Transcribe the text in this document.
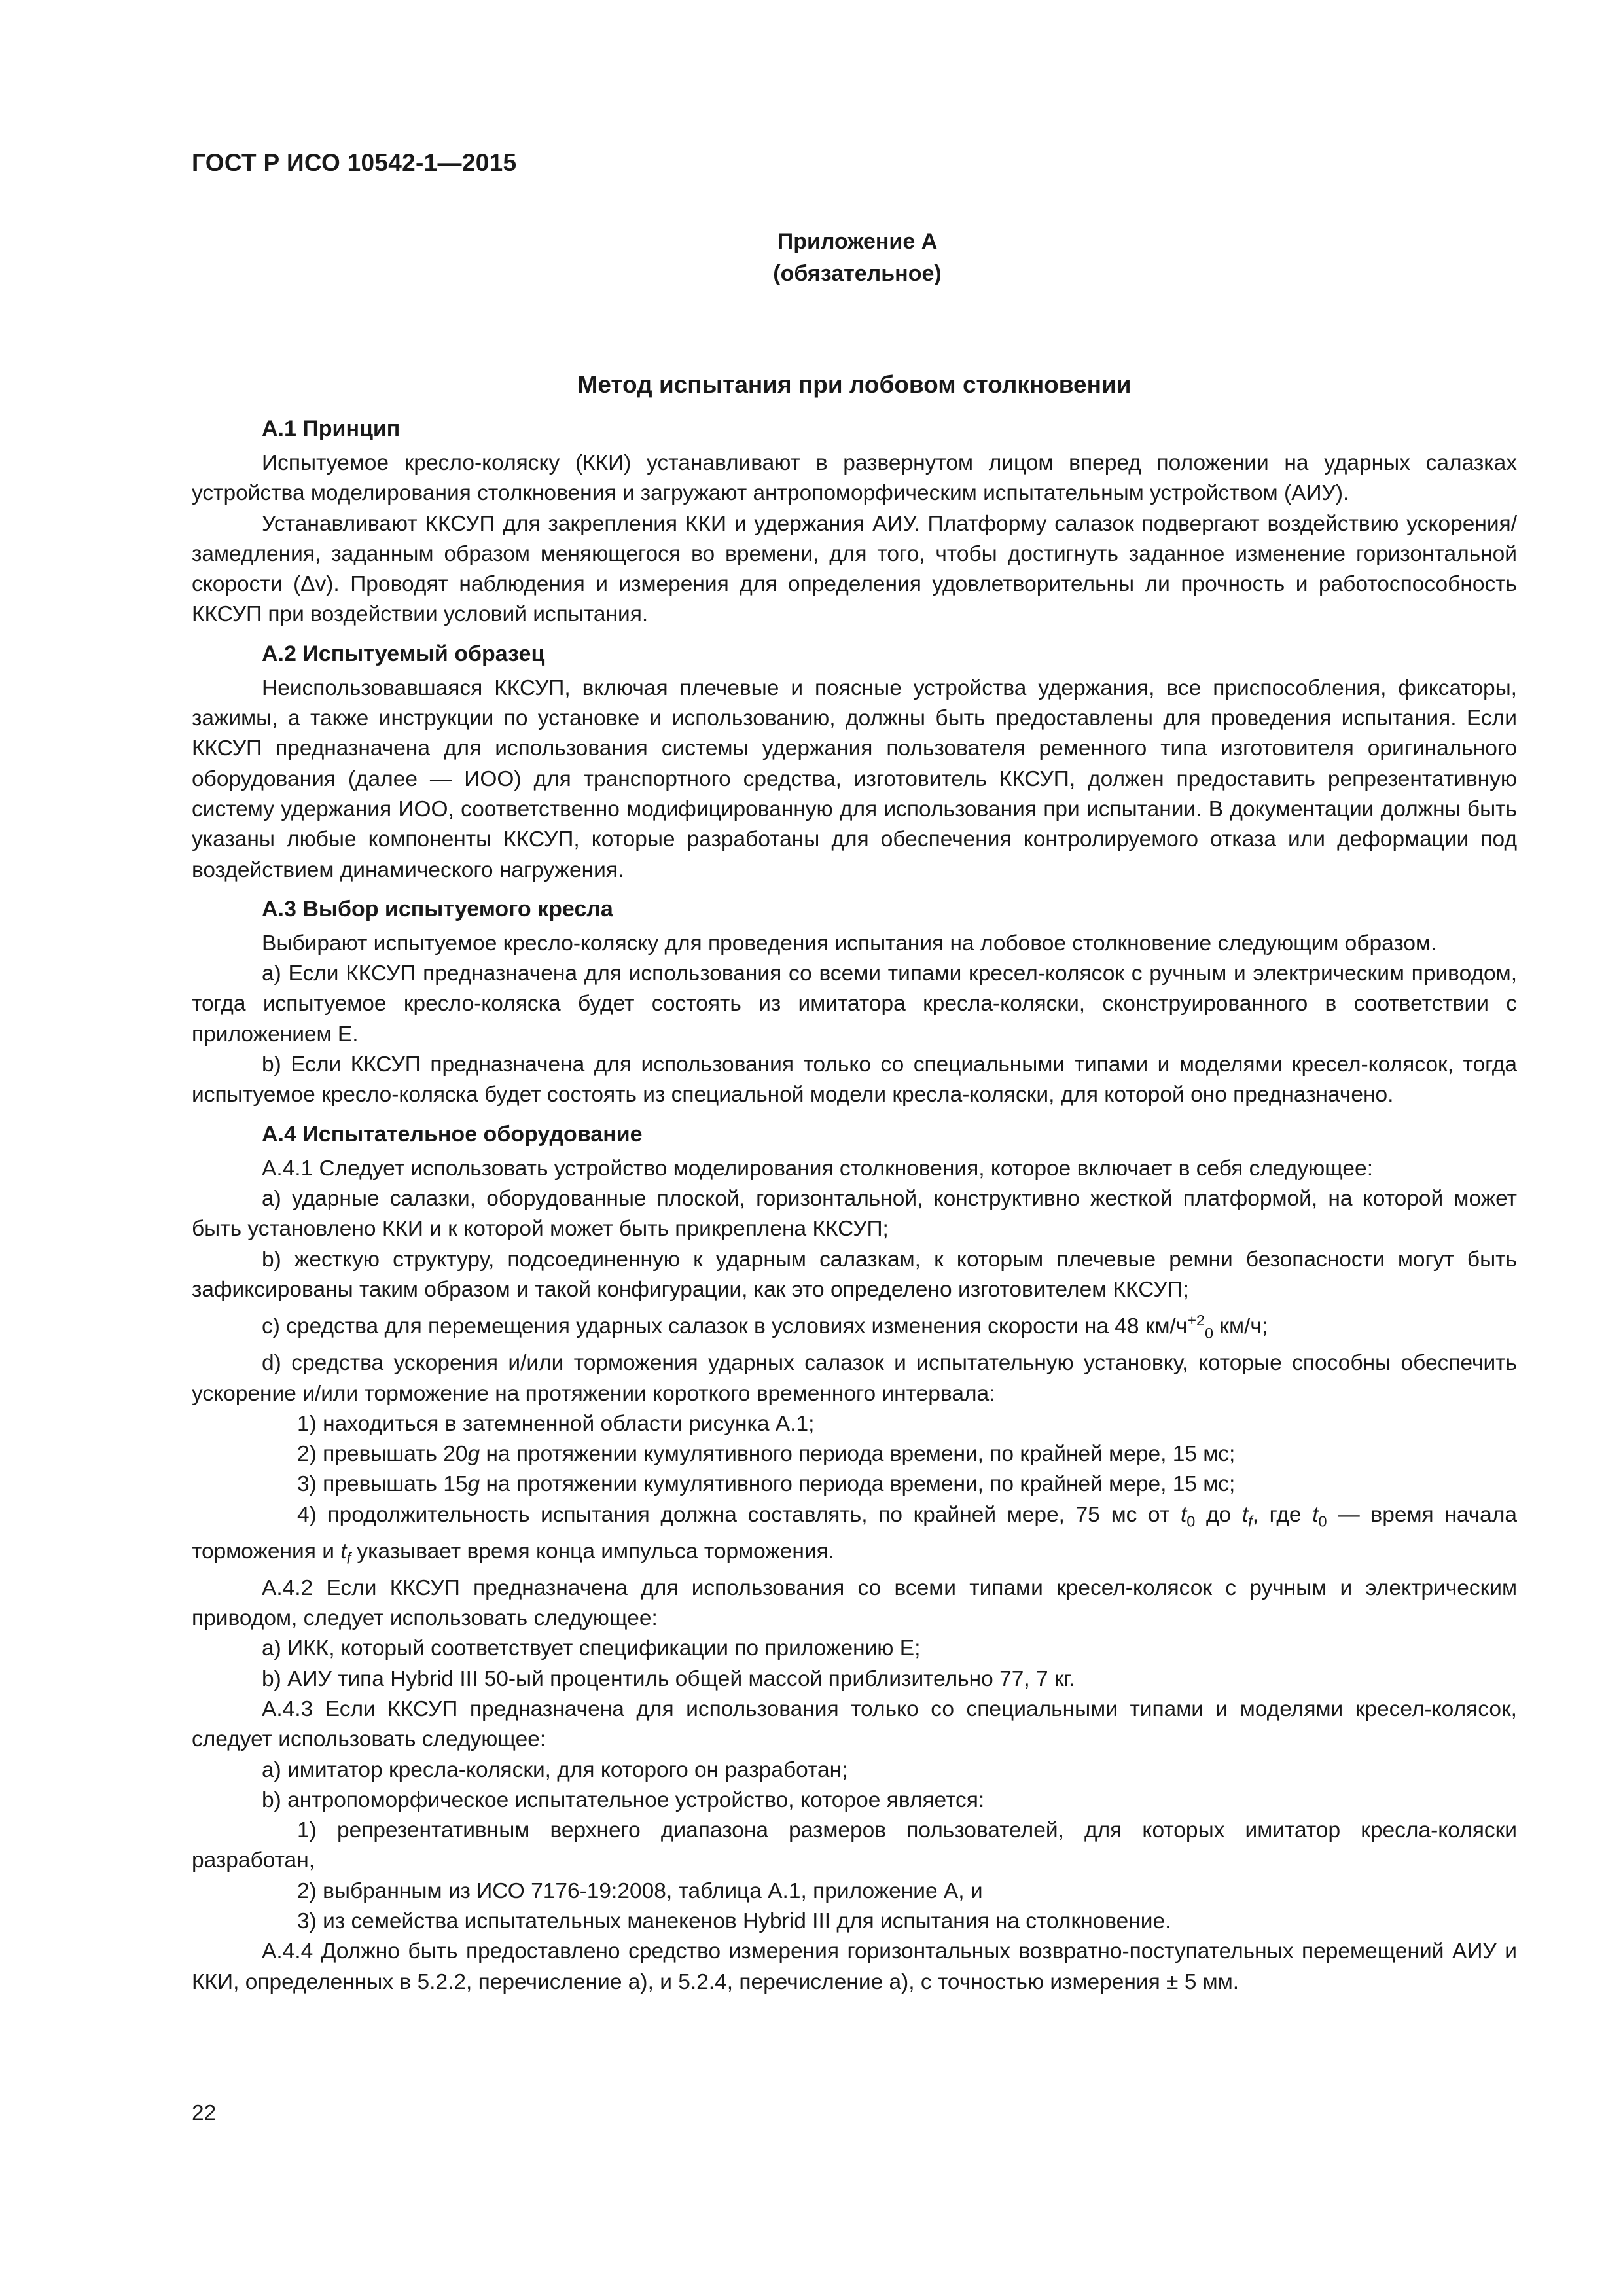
ГОСТ Р ИСО 10542-1—2015
Приложение А
(обязательное)
Метод испытания при лобовом столкновении
А.1 Принцип

Испытуемое кресло-коляску (ККИ) устанавливают в развернутом лицом вперед положении на ударных салазках устройства моделирования столкновения и загружают антропоморфическим испытательным устройством (АИУ).

Устанавливают ККСУП для закрепления ККИ и удержания АИУ. Платформу салазок подвергают воздействию ускорения/замедления, заданным образом меняющегося во времени, для того, чтобы достигнуть заданное изменение горизонтальной скорости (Δv). Проводят наблюдения и измерения для определения удовлетворительны ли прочность и работоспособность ККСУП при воздействии условий испытания.

А.2 Испытуемый образец

Неиспользовавшаяся ККСУП, включая плечевые и поясные устройства удержания, все приспособления, фиксаторы, зажимы, а также инструкции по установке и использованию, должны быть предоставлены для проведения испытания. Если ККСУП предназначена для использования системы удержания пользователя ременного типа изготовителя оригинального оборудования (далее — ИОО) для транспортного средства, изготовитель ККСУП, должен предоставить репрезентативную систему удержания ИОО, соответственно модифицированную для использования при испытании. В документации должны быть указаны любые компоненты ККСУП, которые разработаны для обеспечения контролируемого отказа или деформации под воздействием динамического нагружения.

А.3 Выбор испытуемого кресла

Выбирают испытуемое кресло-коляску для проведения испытания на лобовое столкновение следующим образом.

a) Если ККСУП предназначена для использования со всеми типами кресел-колясок с ручным и электрическим приводом, тогда испытуемое кресло-коляска будет состоять из имитатора кресла-коляски, сконструированного в соответствии с приложением Е.

b) Если ККСУП предназначена для использования только со специальными типами и моделями кресел-колясок, тогда испытуемое кресло-коляска будет состоять из специальной модели кресла-коляски, для которой оно предназначено.

А.4 Испытательное оборудование

А.4.1 Следует использовать устройство моделирования столкновения, которое включает в себя следующее:

a) ударные салазки, оборудованные плоской, горизонтальной, конструктивно жесткой платформой, на которой может быть установлено ККИ и к которой может быть прикреплена ККСУП;

b) жесткую структуру, подсоединенную к ударным салазкам, к которым плечевые ремни безопасности могут быть зафиксированы таким образом и такой конфигурации, как это определено изготовителем ККСУП;

c) средства для перемещения ударных салазок в условиях изменения скорости на 48 $км/ч^{+2}_0$ км/ч;

d) средства ускорения и/или торможения ударных салазок и испытательную установку, которые способны обеспечить ускорение и/или торможение на протяжении короткого временного интервала:

1) находиться в затемненной области рисунка А.1;

2) превышать 20g на протяжении кумулятивного периода времени, по крайней мере, 15 мс;

3) превышать 15g на протяжении кумулятивного периода времени, по крайней мере, 15 мс;

4) продолжительность испытания должна составлять, по крайней мере, 75 мс от $t_0$ до $t_f$, где $t_0$ — время начала торможения и $t_f$ указывает время конца импульса торможения.

А.4.2 Если ККСУП предназначена для использования со всеми типами кресел-колясок с ручным и электрическим приводом, следует использовать следующее:

a) ИКК, который соответствует спецификации по приложению Е;

b) АИУ типа Hybrid III 50-ый процентиль общей массой приблизительно 77, 7 кг.

А.4.3 Если ККСУП предназначена для использования только со специальными типами и моделями кресел-колясок, следует использовать следующее:

a) имитатор кресла-коляски, для которого он разработан;

b) антропоморфическое испытательное устройство, которое является:

1) репрезентативным верхнего диапазона размеров пользователей, для которых имитатор кресла-коляски разработан,

2) выбранным из ИСО 7176-19:2008, таблица А.1, приложение А, и

3) из семейства испытательных манекенов Hybrid III для испытания на столкновение.

А.4.4 Должно быть предоставлено средство измерения горизонтальных возвратно-поступательных перемещений АИУ и ККИ, определенных в 5.2.2, перечисление а), и 5.2.4, перечисление а), с точностью измерения ± 5 мм.

22
